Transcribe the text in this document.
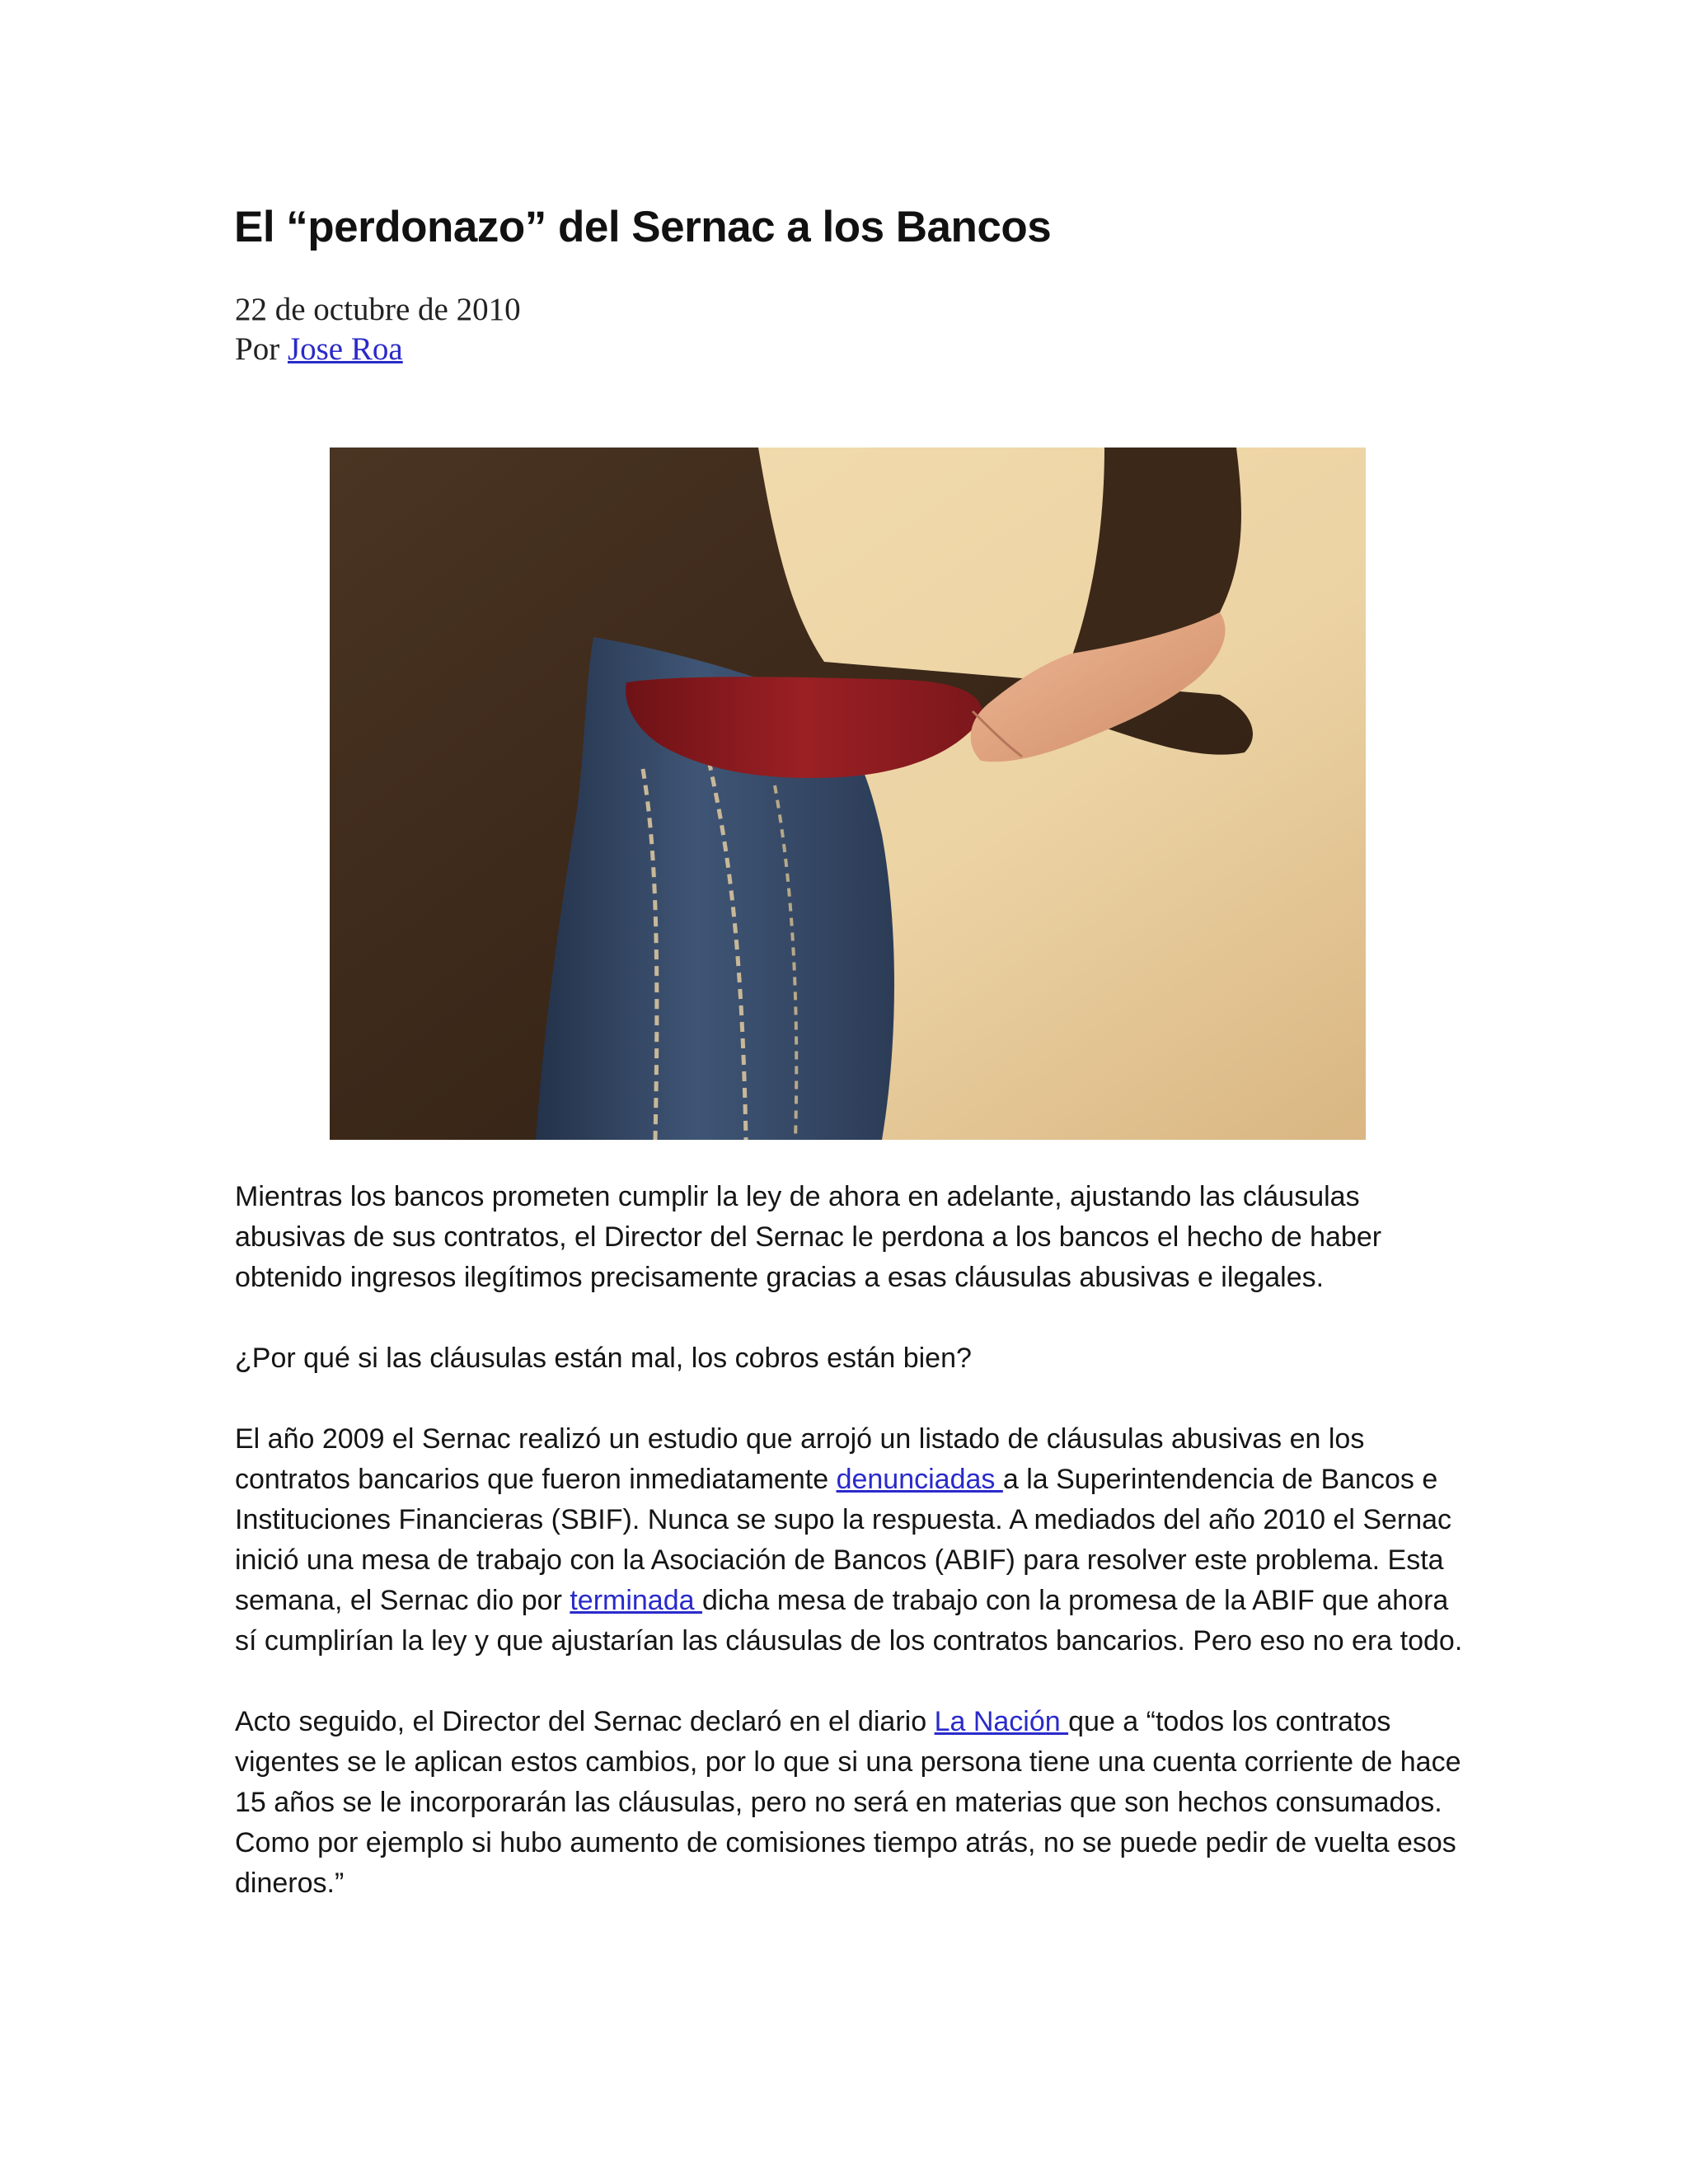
El “perdonazo” del Sernac a los Bancos
22 de octubre de 2010
Por Jose Roa

Mientras los bancos prometen cumplir la ley de ahora en adelante, ajustando las cláusulas abusivas de sus contratos, el Director del Sernac le perdona a los bancos el hecho de haber obtenido ingresos ilegítimos precisamente gracias a esas cláusulas abusivas e ilegales.

¿Por qué si las cláusulas están mal, los cobros están bien?

El año 2009 el Sernac realizó un estudio que arrojó un listado de cláusulas abusivas en los contratos bancarios que fueron inmediatamente denunciadas a la Superintendencia de Bancos e Instituciones Financieras (SBIF). Nunca se supo la respuesta. A mediados del año 2010 el Sernac inició una mesa de trabajo con la Asociación de Bancos (ABIF) para resolver este problema. Esta semana, el Sernac dio por terminada dicha mesa de trabajo con la promesa de la ABIF que ahora sí cumplirían la ley y que ajustarían las cláusulas de los contratos bancarios. Pero eso no era todo.

Acto seguido, el Director del Sernac declaró en el diario La Nación que a “todos los contratos vigentes se le aplican estos cambios, por lo que si una persona tiene una cuenta corriente de hace 15 años se le incorporarán las cláusulas, pero no será en materias que son hechos consumados. Como por ejemplo si hubo aumento de comisiones tiempo atrás, no se puede pedir de vuelta esos dineros.”
